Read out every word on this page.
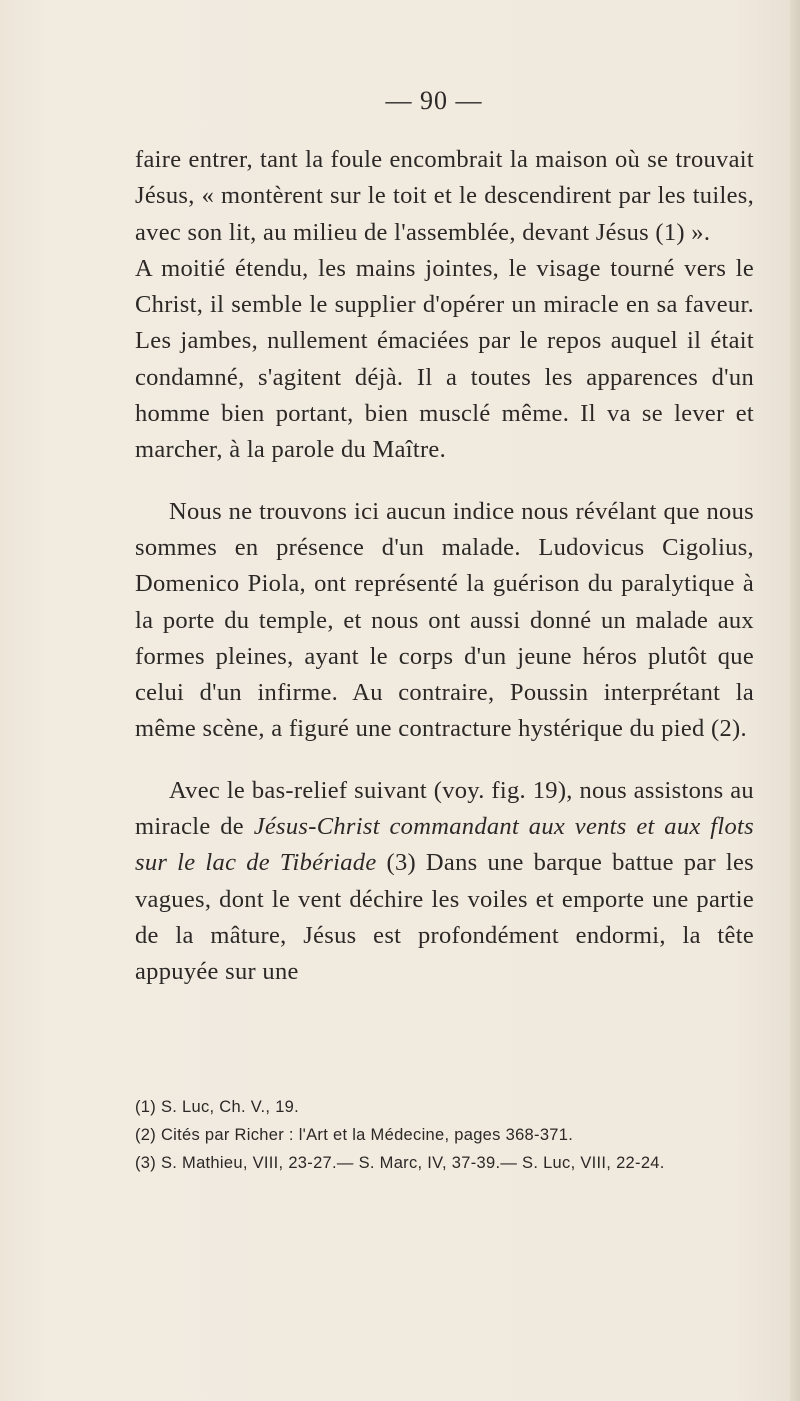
— 90 —

faire entrer, tant la foule encombrait la maison où se trouvait Jésus, « montèrent sur le toit et le descendirent par les tuiles, avec son lit, au milieu de l'assemblée, devant Jésus (1) ».

A moitié étendu, les mains jointes, le visage tourné vers le Christ, il semble le supplier d'opérer un miracle en sa faveur. Les jambes, nullement émaciées par le repos auquel il était condamné, s'agitent déjà. Il a toutes les apparences d'un homme bien portant, bien musclé même. Il va se lever et marcher, à la parole du Maître.

Nous ne trouvons ici aucun indice nous révélant que nous sommes en présence d'un malade. Ludovicus Cigolius, Domenico Piola, ont représenté la guérison du paralytique à la porte du temple, et nous ont aussi donné un malade aux formes pleines, ayant le corps d'un jeune héros plutôt que celui d'un infirme. Au contraire, Poussin interprétant la même scène, a figuré une contracture hystérique du pied (2).

Avec le bas-relief suivant (voy. fig. 19), nous assistons au miracle de Jésus-Christ commandant aux vents et aux flots sur le lac de Tibériade (3) Dans une barque battue par les vagues, dont le vent déchire les voiles et emporte une partie de la mâture, Jésus est profondément endormi, la tête appuyée sur une

(1) S. Luc, Ch. V., 19.

(2) Cités par Richer : l'Art et la Médecine, pages 368-371.

(3) S. Mathieu, VIII, 23-27.— S. Marc, IV, 37-39.— S. Luc, VIII, 22-24.
